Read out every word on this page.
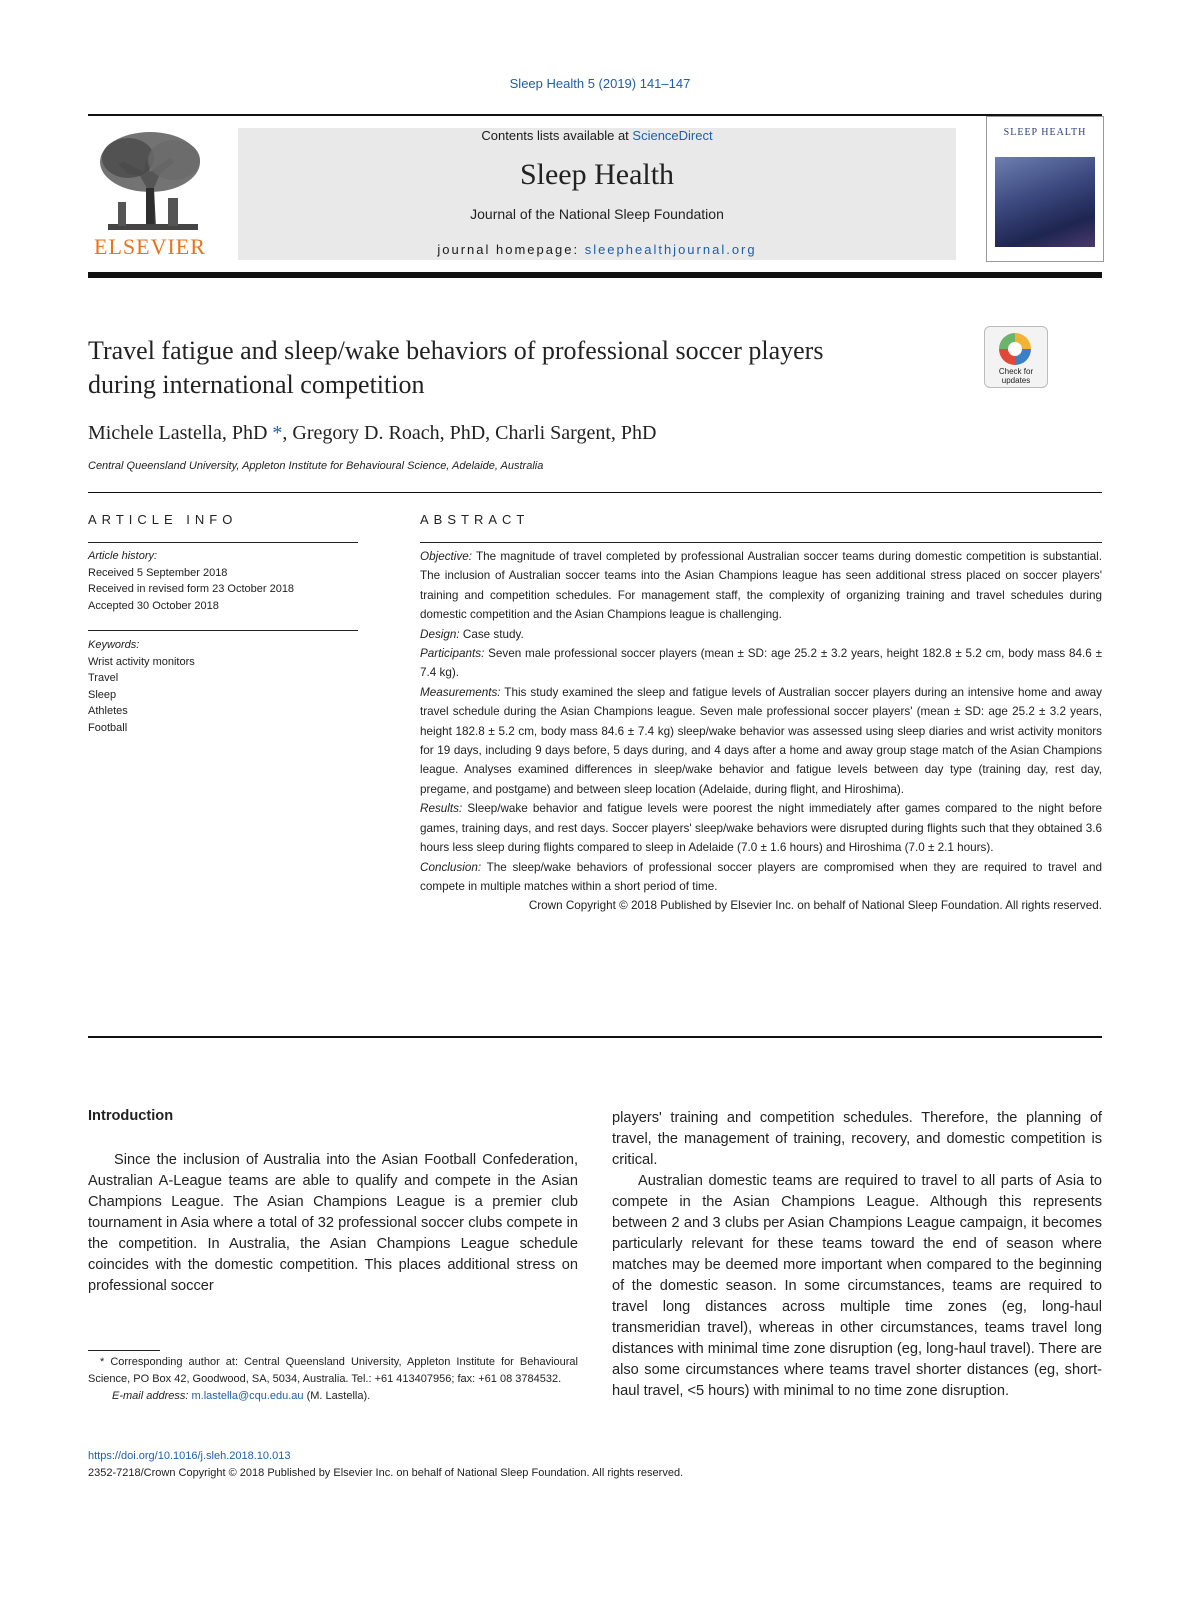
Sleep Health 5 (2019) 141–147
ELSEVIER
Contents lists available at ScienceDirect
Sleep Health
Journal of the National Sleep Foundation
journal homepage: sleephealthjournal.org
SLEEP HEALTH
Travel fatigue and sleep/wake behaviors of professional soccer players
during international competition	Check for updates
Michele Lastella, PhD *, Gregory D. Roach, PhD, Charli Sargent, PhD
Central Queensland University, Appleton Institute for Behavioural Science, Adelaide, Australia
ARTICLE INFO
Article history:
Received 5 September 2018
Received in revised form 23 October 2018
Accepted 30 October 2018
Keywords:
Wrist activity monitors
Travel
Sleep
Athletes
Football
ABSTRACT

Objective: The magnitude of travel completed by professional Australian soccer teams during domestic competition is substantial. The inclusion of Australian soccer teams into the Asian Champions league has seen additional stress placed on soccer players' training and competition schedules. For management staff, the complexity of organizing training and travel schedules during domestic competition and the Asian Champions league is challenging.

Design: Case study.

Participants: Seven male professional soccer players (mean ± SD: age 25.2 ± 3.2 years, height 182.8 ± 5.2 cm, body mass 84.6 ± 7.4 kg).

Measurements: This study examined the sleep and fatigue levels of Australian soccer players during an intensive home and away travel schedule during the Asian Champions league. Seven male professional soccer players' (mean ± SD: age 25.2 ± 3.2 years, height 182.8 ± 5.2 cm, body mass 84.6 ± 7.4 kg) sleep/wake behavior was assessed using sleep diaries and wrist activity monitors for 19 days, including 9 days before, 5 days during, and 4 days after a home and away group stage match of the Asian Champions league. Analyses examined differences in sleep/wake behavior and fatigue levels between day type (training day, rest day, pregame, and postgame) and between sleep location (Adelaide, during flight, and Hiroshima).

Results: Sleep/wake behavior and fatigue levels were poorest the night immediately after games compared to the night before games, training days, and rest days. Soccer players' sleep/wake behaviors were disrupted during flights such that they obtained 3.6 hours less sleep during flights compared to sleep in Adelaide (7.0 ± 1.6 hours) and Hiroshima (7.0 ± 2.1 hours).

Conclusion: The sleep/wake behaviors of professional soccer players are compromised when they are required to travel and compete in multiple matches within a short period of time.

Crown Copyright © 2018 Published by Elsevier Inc. on behalf of National Sleep Foundation. All rights reserved.

Introduction

Since the inclusion of Australia into the Asian Football Confederation, Australian A-League teams are able to qualify and compete in the Asian Champions League. The Asian Champions League is a premier club tournament in Asia where a total of 32 professional soccer clubs compete in the competition. In Australia, the Asian Champions League schedule coincides with the domestic competition. This places additional stress on professional soccer

* Corresponding author at: Central Queensland University, Appleton Institute for Behavioural Science, PO Box 42, Goodwood, SA, 5034, Australia. Tel.: +61 413407956; fax: +61 08 3784532.
E-mail address: m.lastella@cqu.edu.au (M. Lastella).

players' training and competition schedules. Therefore, the planning of travel, the management of training, recovery, and domestic competition is critical.

Australian domestic teams are required to travel to all parts of Asia to compete in the Asian Champions League. Although this represents between 2 and 3 clubs per Asian Champions League campaign, it becomes particularly relevant for these teams toward the end of season where matches may be deemed more important when compared to the beginning of the domestic season. In some circumstances, teams are required to travel long distances across multiple time zones (eg, long-haul transmeridian travel), whereas in other circumstances, teams travel long distances with minimal time zone disruption (eg, long-haul travel). There are also some circumstances where teams travel shorter distances (eg, short-haul travel, <5 hours) with minimal to no time zone disruption.

https://doi.org/10.1016/j.sleh.2018.10.013
2352-7218/Crown Copyright © 2018 Published by Elsevier Inc. on behalf of National Sleep Foundation. All rights reserved.
